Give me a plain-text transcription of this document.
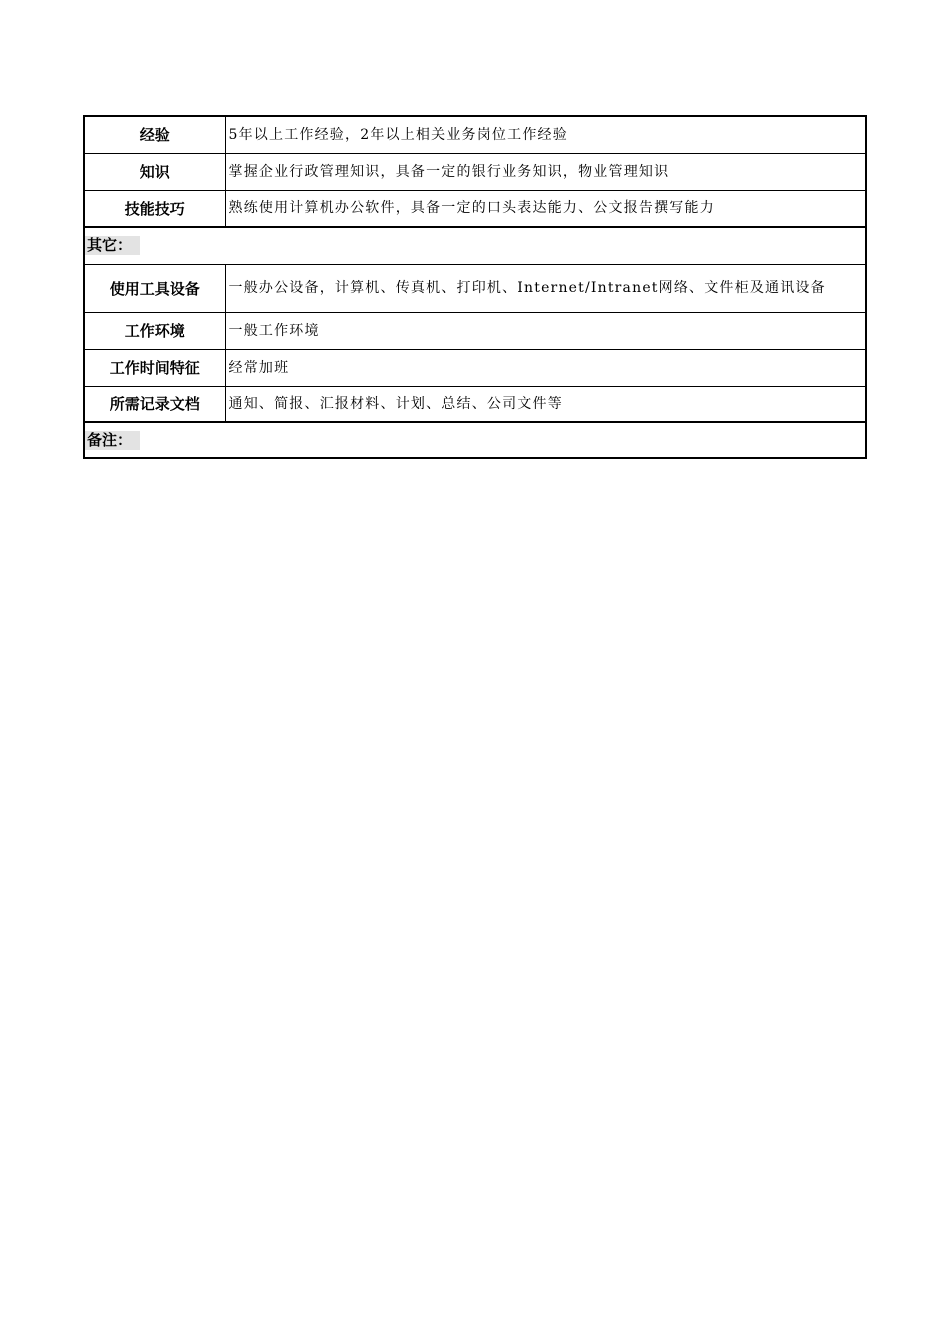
经验	5年以上工作经验，2年以上相关业务岗位工作经验
知识	掌握企业行政管理知识，具备一定的银行业务知识，物业管理知识
技能技巧	熟练使用计算机办公软件，具备一定的口头表达能力、公文报告撰写能力
其它：	
使用工具设备	一般办公设备，计算机、传真机、打印机、Internet/Intranet网络、文件柜及通讯设备
工作环境	一般工作环境
工作时间特征	经常加班
所需记录文档	通知、简报、汇报材料、计划、总结、公司文件等
备注：	
